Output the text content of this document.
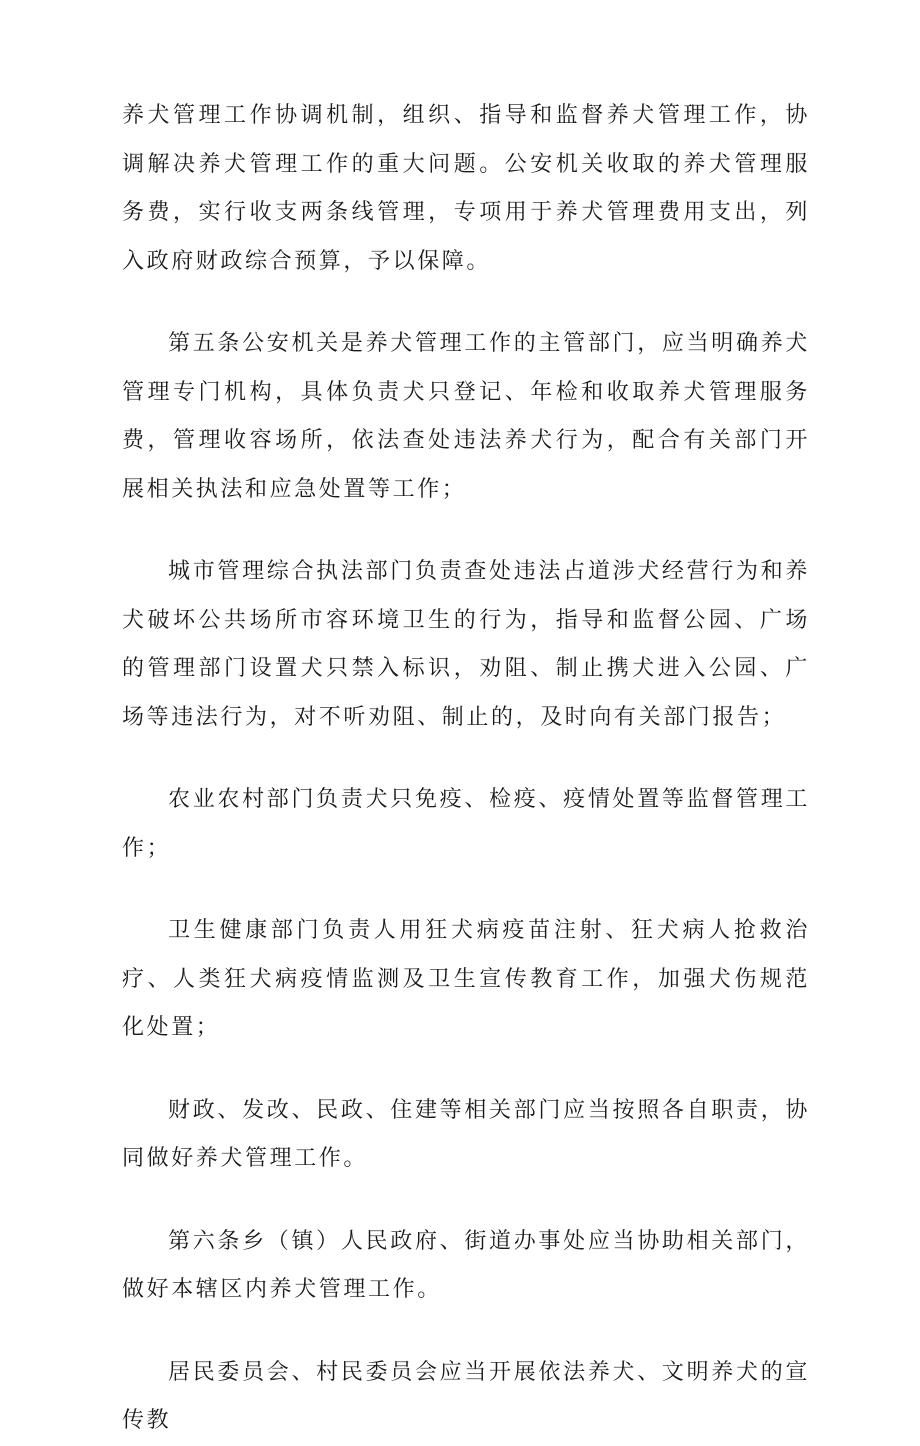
养犬管理工作协调机制，组织、指导和监督养犬管理工作，协调解决养犬管理工作的重大问题。公安机关收取的养犬管理服务费，实行收支两条线管理，专项用于养犬管理费用支出，列入政府财政综合预算，予以保障。

第五条公安机关是养犬管理工作的主管部门，应当明确养犬管理专门机构，具体负责犬只登记、年检和收取养犬管理服务费，管理收容场所，依法查处违法养犬行为，配合有关部门开展相关执法和应急处置等工作；

城市管理综合执法部门负责查处违法占道涉犬经营行为和养犬破坏公共场所市容环境卫生的行为，指导和监督公园、广场的管理部门设置犬只禁入标识，劝阻、制止携犬进入公园、广场等违法行为，对不听劝阻、制止的，及时向有关部门报告；

农业农村部门负责犬只免疫、检疫、疫情处置等监督管理工作；

卫生健康部门负责人用狂犬病疫苗注射、狂犬病人抢救治疗、人类狂犬病疫情监测及卫生宣传教育工作，加强犬伤规范化处置；

财政、发改、民政、住建等相关部门应当按照各自职责，协同做好养犬管理工作。

第六条乡（镇）人民政府、街道办事处应当协助相关部门，做好本辖区内养犬管理工作。

居民委员会、村民委员会应当开展依法养犬、文明养犬的宣传教
